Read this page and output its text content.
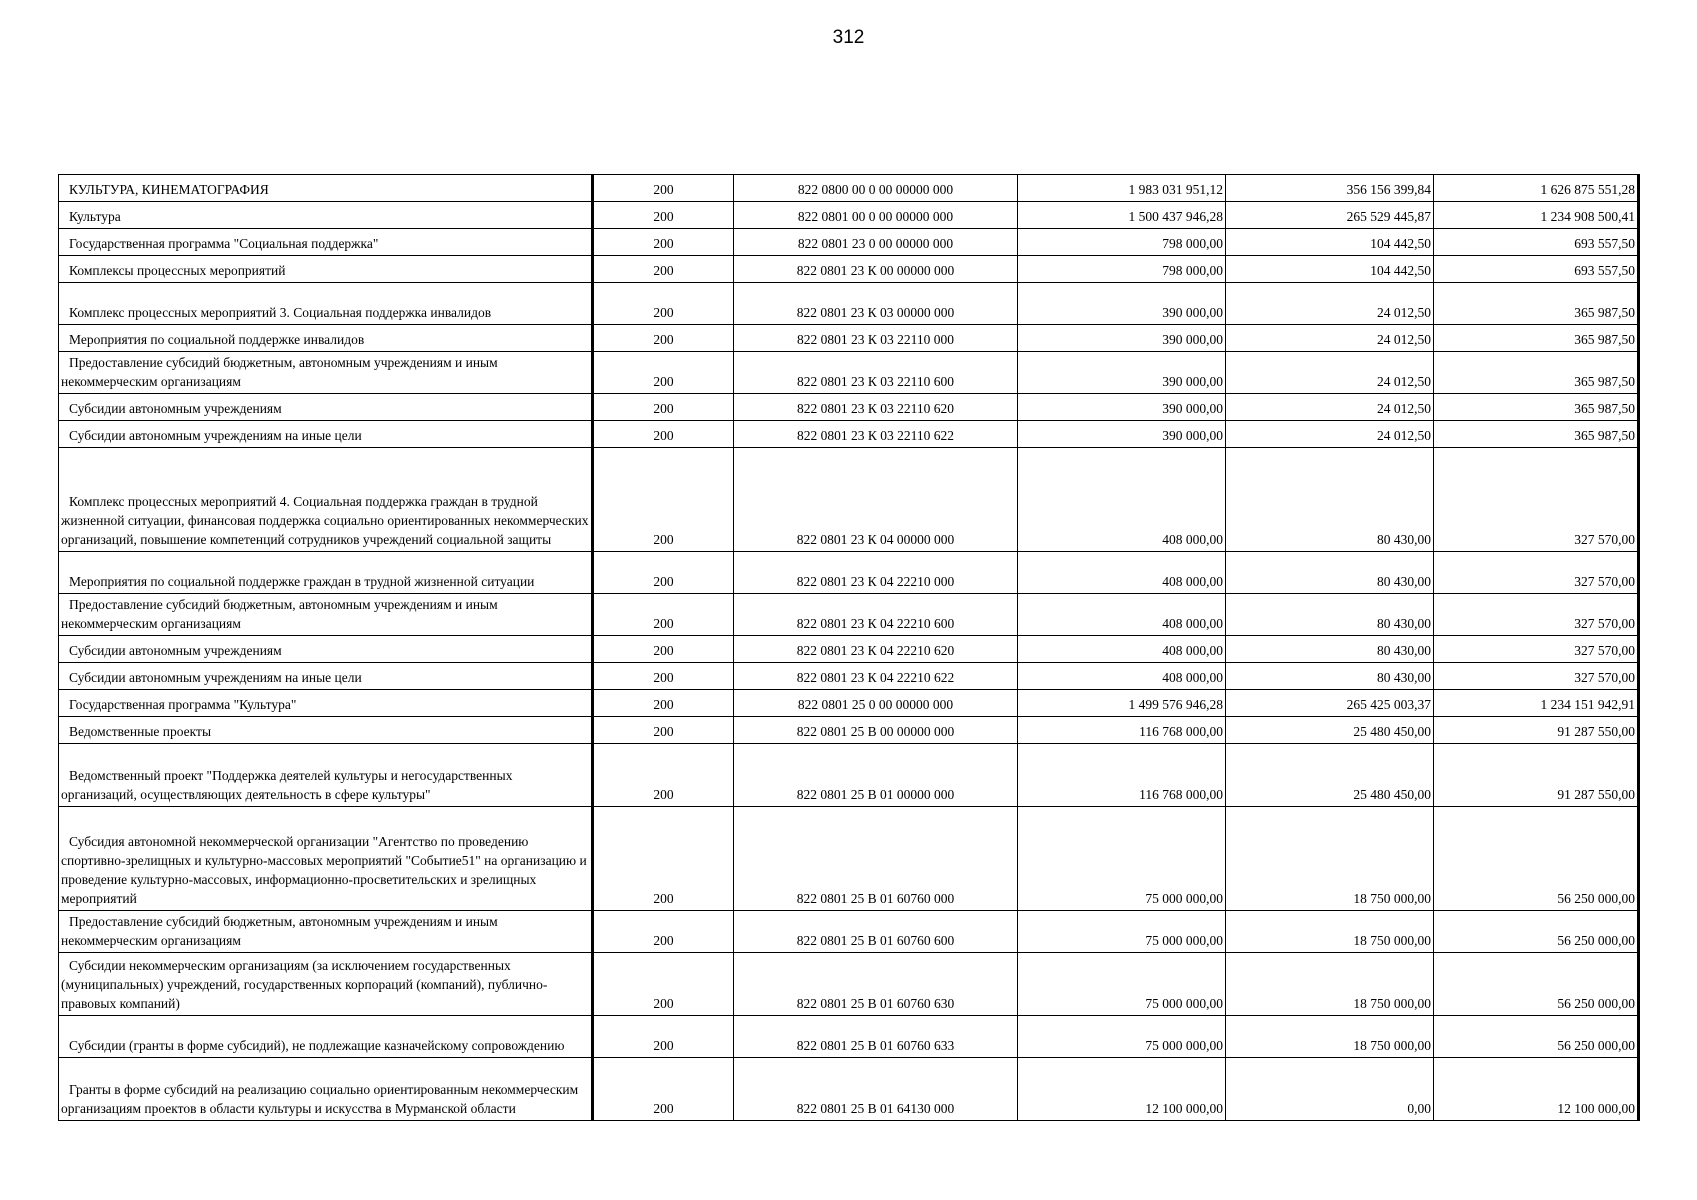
312
КУЛЬТУРА, КИНЕМАТОГРАФИЯ	200	822 0800 00 0 00 00000 000	1 983 031 951,12	356 156 399,84	1 626 875 551,28
Культура	200	822 0801 00 0 00 00000 000	1 500 437 946,28	265 529 445,87	1 234 908 500,41
Государственная программа "Социальная поддержка"	200	822 0801 23 0 00 00000 000	798 000,00	104 442,50	693 557,50
Комплексы процессных мероприятий	200	822 0801 23 К 00 00000 000	798 000,00	104 442,50	693 557,50
Комплекс процессных мероприятий 3. Социальная поддержка инвалидов	200	822 0801 23 К 03 00000 000	390 000,00	24 012,50	365 987,50
Мероприятия по социальной поддержке инвалидов	200	822 0801 23 К 03 22110 000	390 000,00	24 012,50	365 987,50
Предоставление субсидий бюджетным, автономным учреждениям и иным некоммерческим организациям	200	822 0801 23 К 03 22110 600	390 000,00	24 012,50	365 987,50
Субсидии автономным учреждениям	200	822 0801 23 К 03 22110 620	390 000,00	24 012,50	365 987,50
Субсидии автономным учреждениям на иные цели	200	822 0801 23 К 03 22110 622	390 000,00	24 012,50	365 987,50
Комплекс процессных мероприятий 4. Социальная поддержка граждан в трудной жизненной ситуации, финансовая поддержка социально ориентированных некоммерческих организаций, повышение компетенций сотрудников учреждений социальной защиты	200	822 0801 23 К 04 00000 000	408 000,00	80 430,00	327 570,00
Мероприятия по социальной поддержке граждан в трудной жизненной ситуации	200	822 0801 23 К 04 22210 000	408 000,00	80 430,00	327 570,00
Предоставление субсидий бюджетным, автономным учреждениям и иным некоммерческим организациям	200	822 0801 23 К 04 22210 600	408 000,00	80 430,00	327 570,00
Субсидии автономным учреждениям	200	822 0801 23 К 04 22210 620	408 000,00	80 430,00	327 570,00
Субсидии автономным учреждениям на иные цели	200	822 0801 23 К 04 22210 622	408 000,00	80 430,00	327 570,00
Государственная программа "Культура"	200	822 0801 25 0 00 00000 000	1 499 576 946,28	265 425 003,37	1 234 151 942,91
Ведомственные проекты	200	822 0801 25 В 00 00000 000	116 768 000,00	25 480 450,00	91 287 550,00
Ведомственный проект "Поддержка деятелей культуры и негосударственных организаций, осуществляющих деятельность в сфере культуры"	200	822 0801 25 В 01 00000 000	116 768 000,00	25 480 450,00	91 287 550,00
Субсидия автономной некоммерческой организации "Агентство по проведению спортивно-зрелищных и культурно-массовых мероприятий "Событие51" на организацию и проведение культурно-массовых, информационно-просветительских и зрелищных мероприятий	200	822 0801 25 В 01 60760 000	75 000 000,00	18 750 000,00	56 250 000,00
Предоставление субсидий бюджетным, автономным учреждениям и иным некоммерческим организациям	200	822 0801 25 В 01 60760 600	75 000 000,00	18 750 000,00	56 250 000,00
Субсидии некоммерческим организациям (за исключением государственных (муниципальных) учреждений, государственных корпораций (компаний), публично-правовых компаний)	200	822 0801 25 В 01 60760 630	75 000 000,00	18 750 000,00	56 250 000,00
Субсидии (гранты в форме субсидий), не подлежащие казначейскому сопровождению	200	822 0801 25 В 01 60760 633	75 000 000,00	18 750 000,00	56 250 000,00
Гранты в форме субсидий на реализацию социально ориентированным некоммерческим организациям проектов в области культуры и искусства в Мурманской области	200	822 0801 25 В 01 64130 000	12 100 000,00	0,00	12 100 000,00
